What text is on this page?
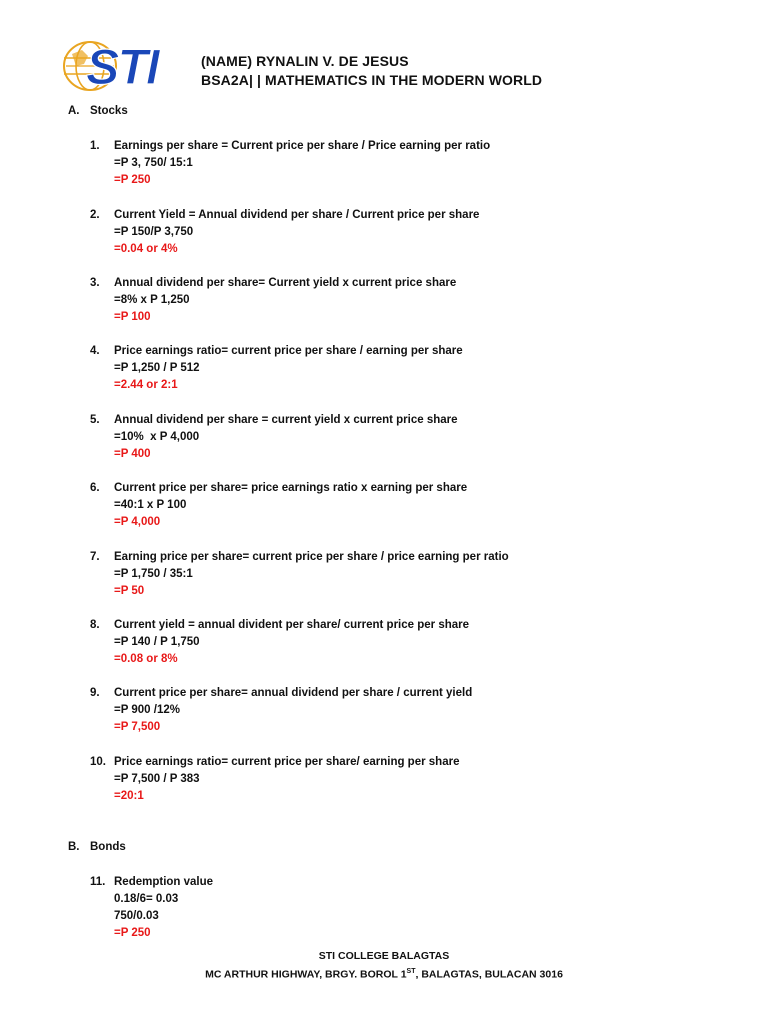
STI	(NAME) RYNALIN V. DE JESUS
BSA2A| | MATHEMATICS IN THE MODERN WORLD
A. Stocks
B. Bonds
1.	Earnings per share = Current price per share / Price earning per ratio
=P 3, 750/ 15:1
=P 250
2.	Current Yield = Annual dividend per share / Current price per share
=P 150/P 3,750
=0.04 or 4%
3.	Annual dividend per share= Current yield x current price share
=8% x P 1,250
=P 100
4.	Price earnings ratio= current price per share / earning per share
=P 1,250 / P 512
=2.44 or 2:1
5.	Annual dividend per share = current yield x current price share
=10%  x P 4,000
=P 400
6.	Current price per share= price earnings ratio x earning per share
=40:1 x P 100
=P 4,000
7.	Earning price per share= current price per share / price earning per ratio
=P 1,750 / 35:1
=P 50
8.	Current yield = annual divident per share/ current price per share
=P 140 / P 1,750
=0.08 or 8%
9.	Current price per share= annual dividend per share / current yield
=P 900 /12%
=P 7,500
10. Price earnings ratio= current price per share/ earning per share
=P 7,500 / P 383
=20:1
11. Redemption value
0.18/6= 0.03
750/0.03
=P 250
STI COLLEGE BALAGTAS
MC ARTHUR HIGHWAY, BRGY. BOROL 1ST, BALAGTAS, BULACAN 3016
